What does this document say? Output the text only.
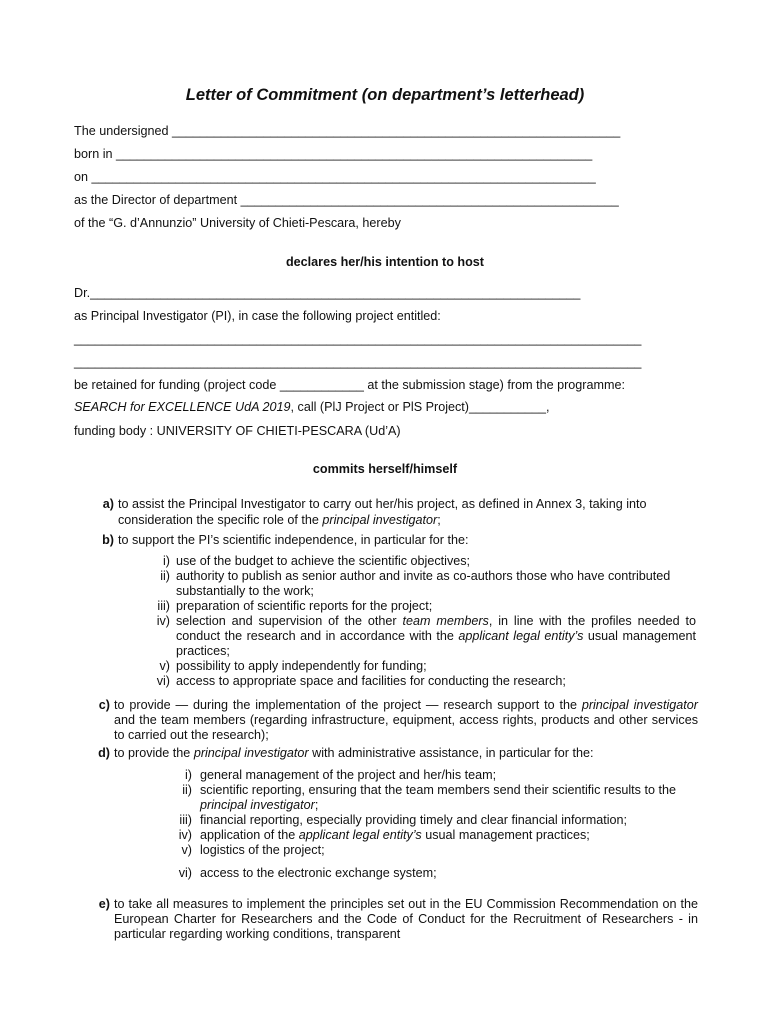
Letter of Commitment (on department’s letterhead)
The undersigned ________________________________________________________________
born in ____________________________________________________________________
on ________________________________________________________________________
as the Director of department ______________________________________________________
of the “G. d’Annunzio” University of Chieti-Pescara, hereby
declares her/his intention to host
Dr.______________________________________________________________________
as Principal Investigator (PI), in case the following project entitled:
_________________________________________________________________________________
_________________________________________________________________________________
be retained for funding (project code ____________ at the submission stage) from the programme:
SEARCH for EXCELLENCE UdA 2019, call (PlJ Project or PlS Project)___________,
funding body : UNIVERSITY OF CHIETI-PESCARA (Ud’A)
commits herself/himself
a) to assist the Principal Investigator to carry out her/his project, as defined in Annex 3, taking into consideration the specific role of the principal investigator;
b) to support the PI’s scientific independence, in particular for the:
i) use of the budget to achieve the scientific objectives;
ii) authority to publish as senior author and invite as co-authors those who have contributed substantially to the work;
iii) preparation of scientific reports for the project;
iv) selection and supervision of the other team members, in line with the profiles needed to conduct the research and in accordance with the applicant legal entity’s usual management practices;
v) possibility to apply independently for funding;
vi) access to appropriate space and facilities for conducting the research;
c) to provide — during the implementation of the project — research support to the principal investigator and the team members (regarding infrastructure, equipment, access rights, products and other services to carried out the research);
d) to provide the principal investigator with administrative assistance, in particular for the:
i) general management of the project and her/his team;
ii) scientific reporting, ensuring that the team members send their scientific results to the principal investigator;
iii) financial reporting, especially providing timely and clear financial information;
iv) application of the applicant legal entity’s usual management practices;
v) logistics of the project;
vi) access to the electronic exchange system;
e) to take all measures to implement the principles set out in the EU Commission Recommendation on the European Charter for Researchers and the Code of Conduct for the Recruitment of Researchers - in particular regarding working conditions, transparent
